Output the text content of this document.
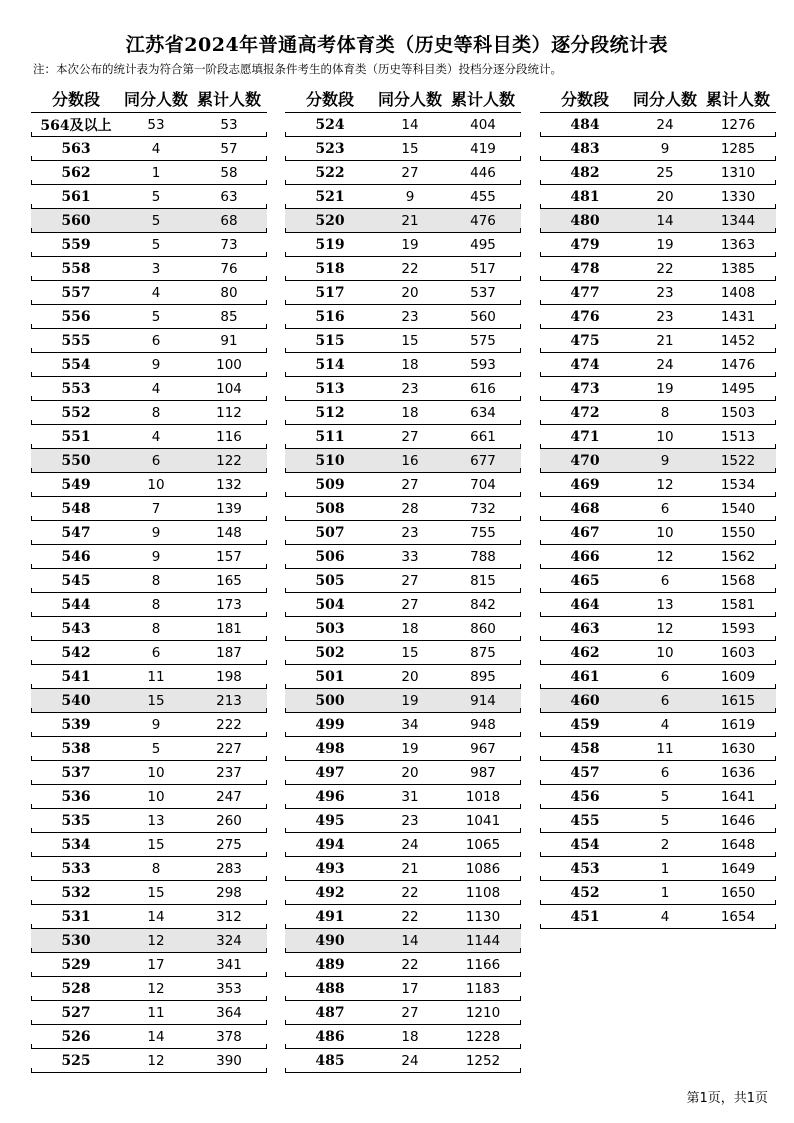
江苏省2024年普通高考体育类（历史等科目类）逐分段统计表
注：本次公布的统计表为符合第一阶段志愿填报条件考生的体育类（历史等科目类）投档分逐分段统计。
分数段	同分人数 累计人数
564及以上	53	53
563	4	57
562	1	58
561	5	63
560	5	68
559	5	73
558	3	76
557	4	80
556	5	85
555	6	91
554	9	100
553	4	104
552	8	112
551	4	116
550	6	122
549	10	132
548	7	139
547	9	148
546	9	157
545	8	165
544	8	173
543	8	181
542	6	187
541	11	198
540	15	213
539	9	222
538	5	227
537	10	237
536	10	247
535	13	260
534	15	275
533	8	283
532	15	298
531	14	312
530	12	324
529	17	341
528	12	353
527	11	364
526	14	378
525	12	390
分数段	同分人数 累计人数
524	14	404
523	15	419
522	27	446
521	9	455
520	21	476
519	19	495
518	22	517
517	20	537
516	23	560
515	15	575
514	18	593
513	23	616
512	18	634
511	27	661
510	16	677
509	27	704
508	28	732
507	23	755
506	33	788
505	27	815
504	27	842
503	18	860
502	15	875
501	20	895
500	19	914
499	34	948
498	19	967
497	20	987
496	31	1018
495	23	1041
494	24	1065
493	21	1086
492	22	1108
491	22	1130
490	14	1144
489	22	1166
488	17	1183
487	27	1210
486	18	1228
485	24	1252
分数段	同分人数 累计人数
484	24	1276
483	9	1285
482	25	1310
481	20	1330
480	14	1344
479	19	1363
478	22	1385
477	23	1408
476	23	1431
475	21	1452
474	24	1476
473	19	1495
472	8	1503
471	10	1513
470	9	1522
469	12	1534
468	6	1540
467	10	1550
466	12	1562
465	6	1568
464	13	1581
463	12	1593
462	10	1603
461	6	1609
460	6	1615
459	4	1619
458	11	1630
457	6	1636
456	5	1641
455	5	1646
454	2	1648
453	1	1649
452	1	1650
451	4	1654
第1页，共1页
